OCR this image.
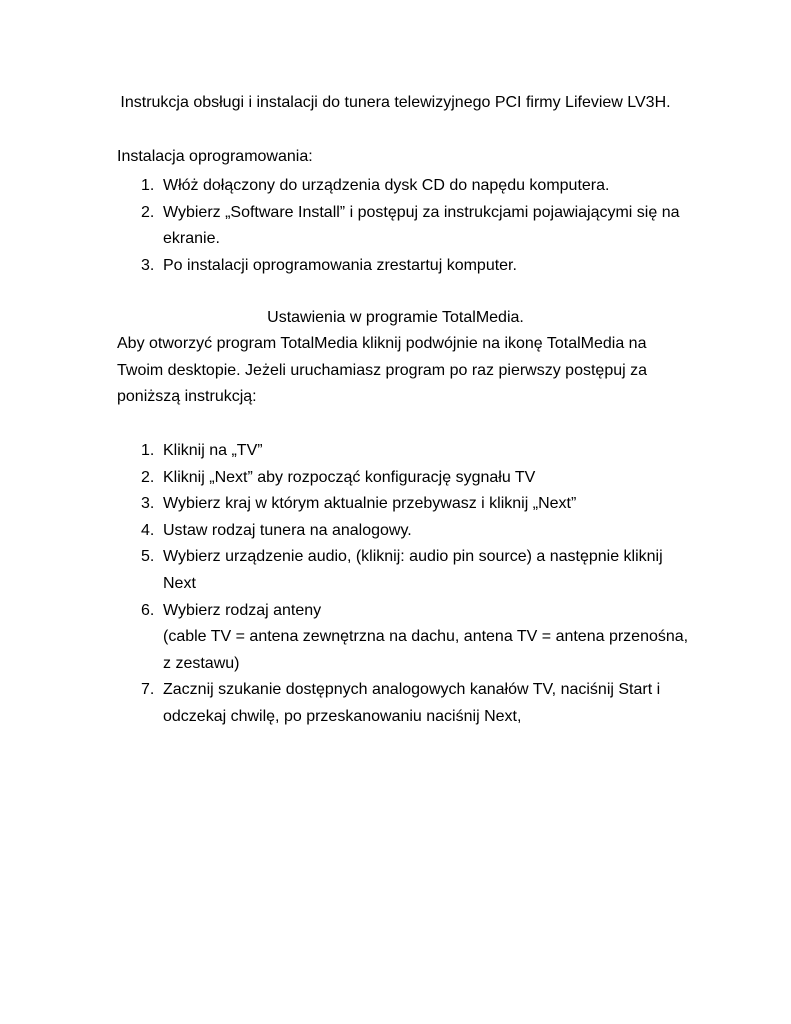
Instrukcja obsługi i instalacji do tunera telewizyjnego PCI firmy Lifeview LV3H.
Instalacja oprogramowania:
1. Włóż dołączony do urządzenia dysk CD do napędu komputera.
2. Wybierz „Software Install” i postępuj za instrukcjami pojawiającymi się na
ekranie.
3. Po instalacji oprogramowania zrestartuj komputer.
Ustawienia w programie TotalMedia.
Aby otworzyć program TotalMedia kliknij podwójnie na ikonę TotalMedia na
Twoim desktopie. Jeżeli uruchamiasz program po raz pierwszy postępuj za
poniższą instrukcją:
1. Kliknij na „TV”
2. Kliknij „Next” aby rozpocząć konfigurację sygnału TV
3. Wybierz kraj w którym aktualnie przebywasz i kliknij „Next”
4. Ustaw rodzaj tunera na analogowy.
5. Wybierz urządzenie audio, (kliknij: audio pin source) a następnie kliknij
Next
6. Wybierz rodzaj anteny
(cable TV = antena zewnętrzna na dachu, antena TV = antena przenośna,
z zestawu)
7. Zacznij szukanie dostępnych analogowych kanałów TV, naciśnij Start i
odczekaj chwilę, po przeskanowaniu naciśnij Next,
